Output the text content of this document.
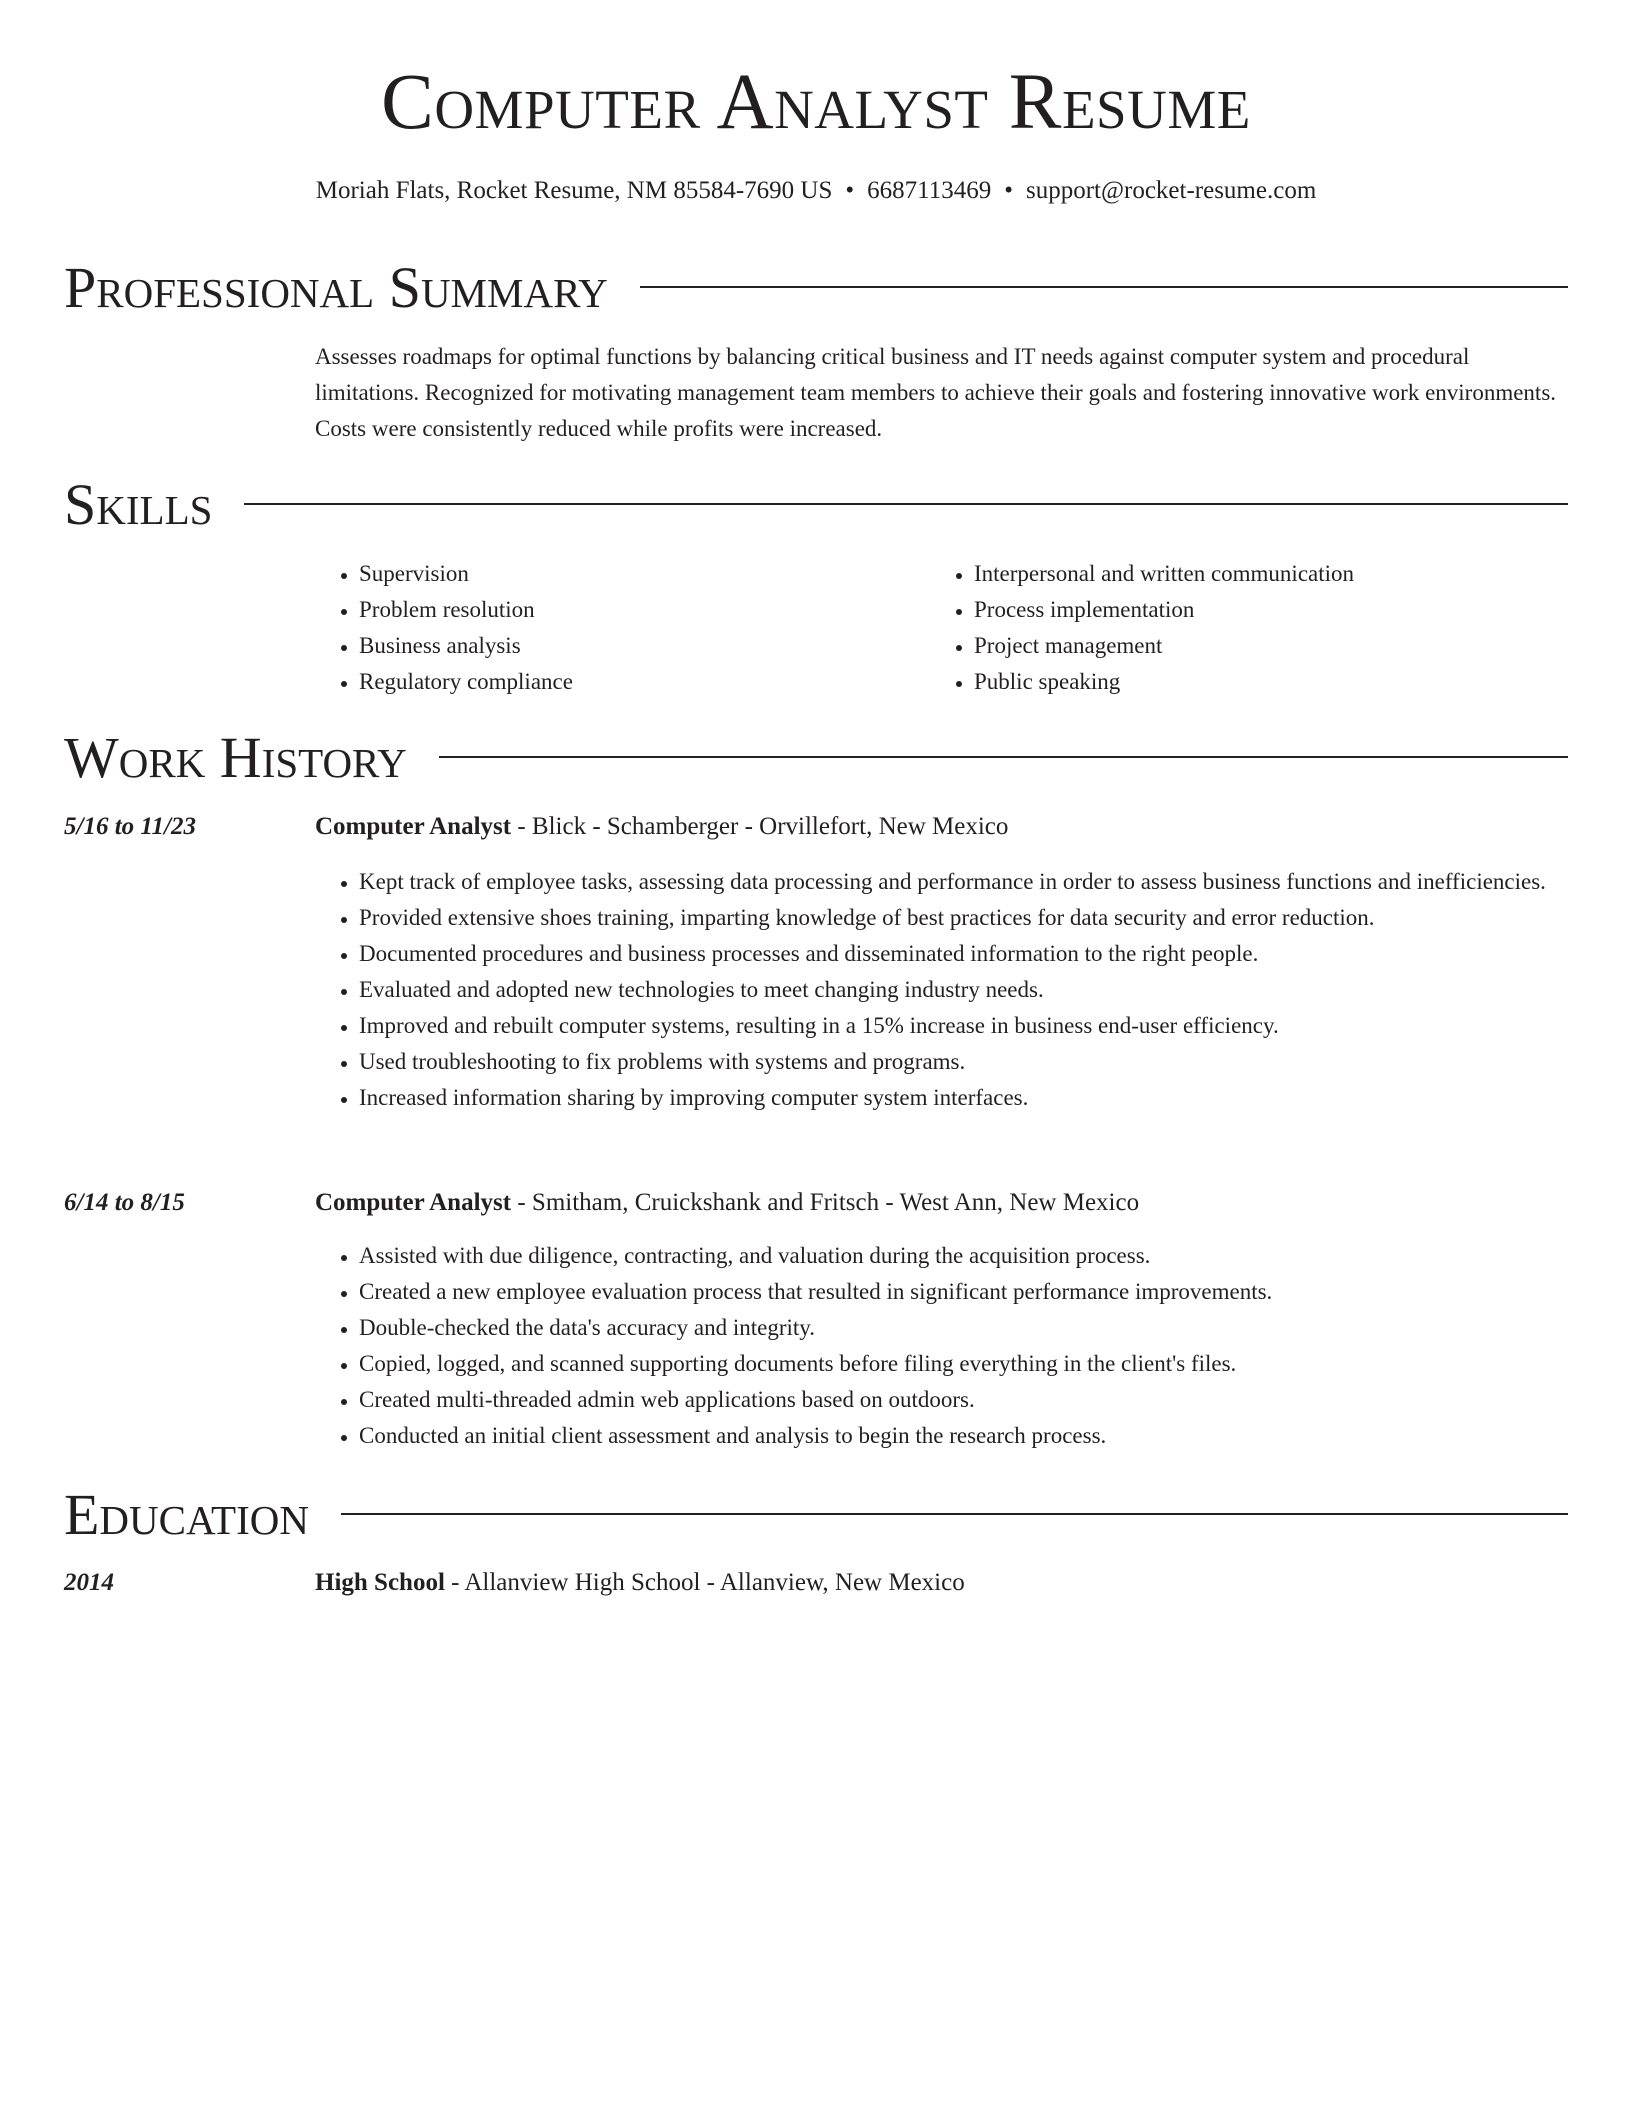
Computer Analyst Resume
Moriah Flats, Rocket Resume, NM 85584-7690 US • 6687113469 • support@rocket-resume.com
Professional Summary
Assesses roadmaps for optimal functions by balancing critical business and IT needs against computer system and procedural limitations. Recognized for motivating management team members to achieve their goals and fostering innovative work environments. Costs were consistently reduced while profits were increased.
Skills
• Supervision
• Problem resolution
• Business analysis
• Regulatory compliance
• Interpersonal and written communication
• Process implementation
• Project management
• Public speaking
Work History
5/16 to 11/23	Computer Analyst - Blick - Schamberger - Orvillefort, New Mexico
• Kept track of employee tasks, assessing data processing and performance in order to assess business functions and inefficiencies.
• Provided extensive shoes training, imparting knowledge of best practices for data security and error reduction.
• Documented procedures and business processes and disseminated information to the right people.
• Evaluated and adopted new technologies to meet changing industry needs.
• Improved and rebuilt computer systems, resulting in a 15% increase in business end-user efficiency.
• Used troubleshooting to fix problems with systems and programs.
• Increased information sharing by improving computer system interfaces.
6/14 to 8/15	Computer Analyst - Smitham, Cruickshank and Fritsch - West Ann, New Mexico
• Assisted with due diligence, contracting, and valuation during the acquisition process.
• Created a new employee evaluation process that resulted in significant performance improvements.
• Double-checked the data's accuracy and integrity.
• Copied, logged, and scanned supporting documents before filing everything in the client's files.
• Created multi-threaded admin web applications based on outdoors.
• Conducted an initial client assessment and analysis to begin the research process.
Education
2014	High School - Allanview High School - Allanview, New Mexico
